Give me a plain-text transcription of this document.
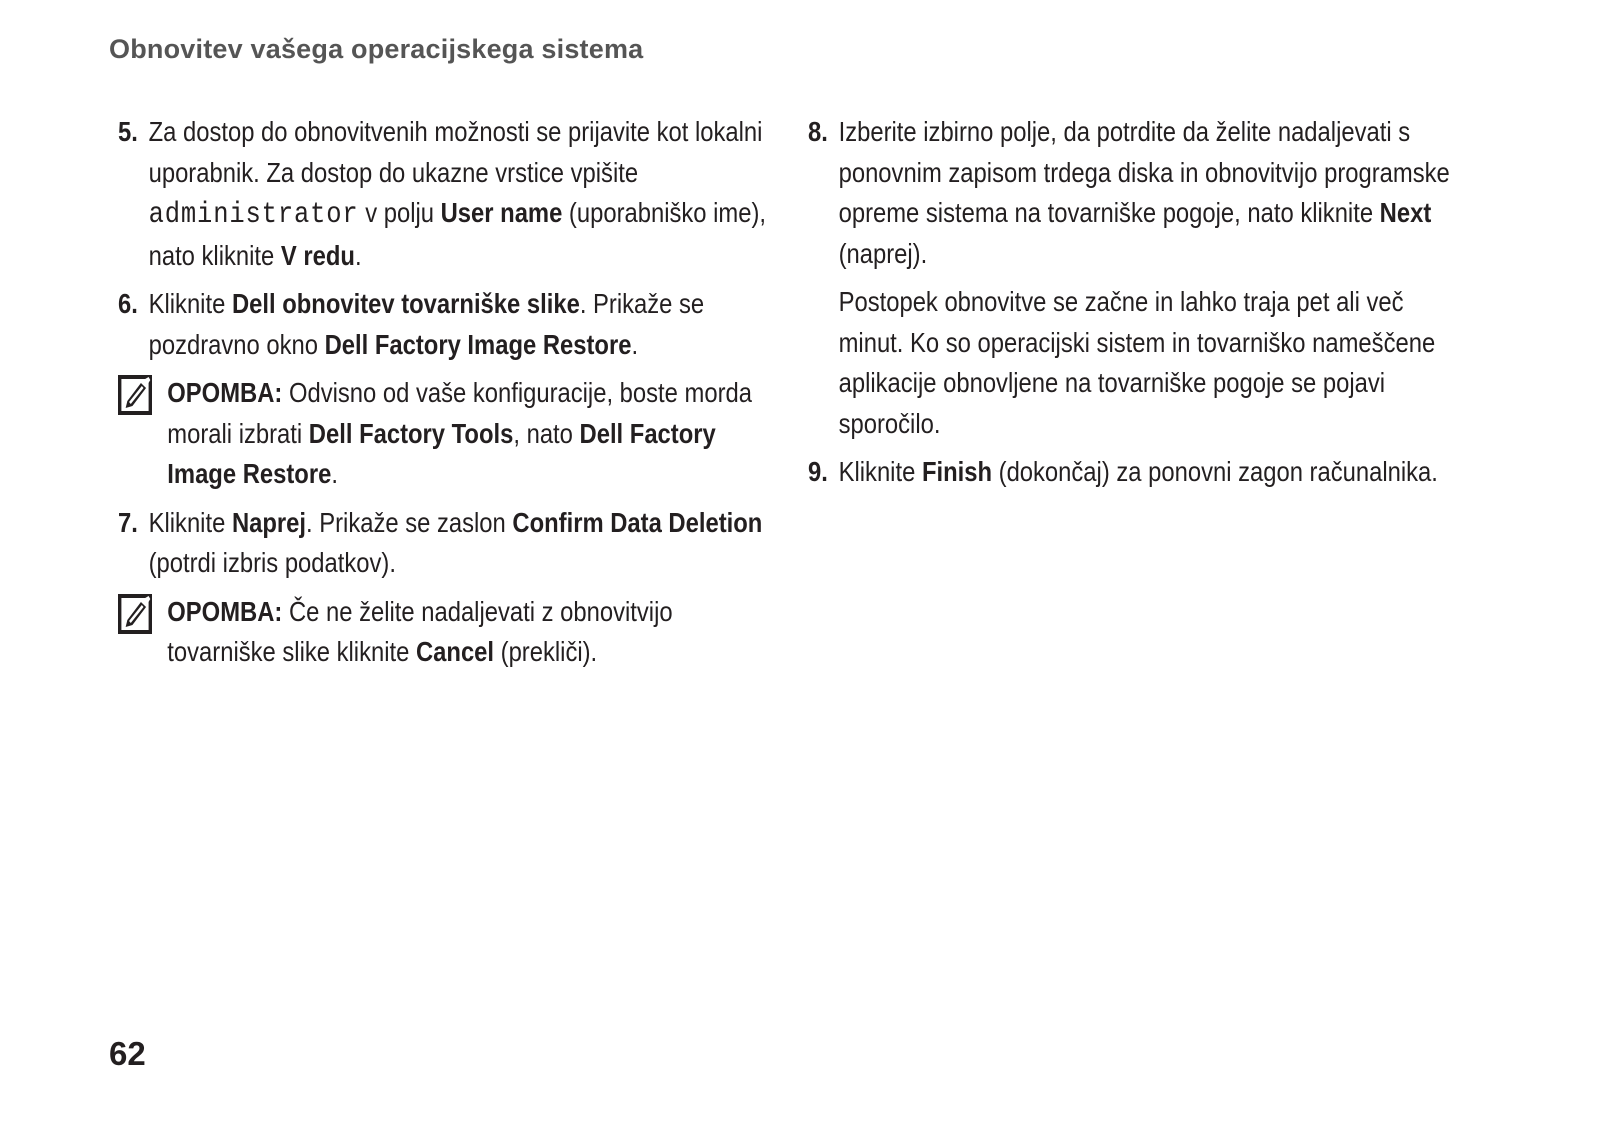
Obnovitev vašega operacijskega sistema
5. Za dostop do obnovitvenih možnosti se prijavite kot lokalni uporabnik. Za dostop do ukazne vrstice vpišite administrator v polju User name (uporabniško ime), nato kliknite V redu.

6. Kliknite Dell obnovitev tovarniške slike. Prikaže se pozdravno okno Dell Factory Image Restore.

OPOMBA: Odvisno od vaše konfiguracije, boste morda morali izbrati Dell Factory Tools, nato Dell Factory Image Restore.

7. Kliknite Naprej. Prikaže se zaslon Confirm Data Deletion (potrdi izbris podatkov).

OPOMBA: Če ne želite nadaljevati z obnovitvijo tovarniške slike kliknite Cancel (prekliči).

8. Izberite izbirno polje, da potrdite da želite nadaljevati s ponovnim zapisom trdega diska in obnovitvijo programske opreme sistema na tovarniške pogoje, nato kliknite Next (naprej).

Postopek obnovitve se začne in lahko traja pet ali več minut. Ko so operacijski sistem in tovarniško nameščene aplikacije obnovljene na tovarniške pogoje se pojavi sporočilo.

9. Kliknite Finish (dokončaj) za ponovni zagon računalnika.

62
